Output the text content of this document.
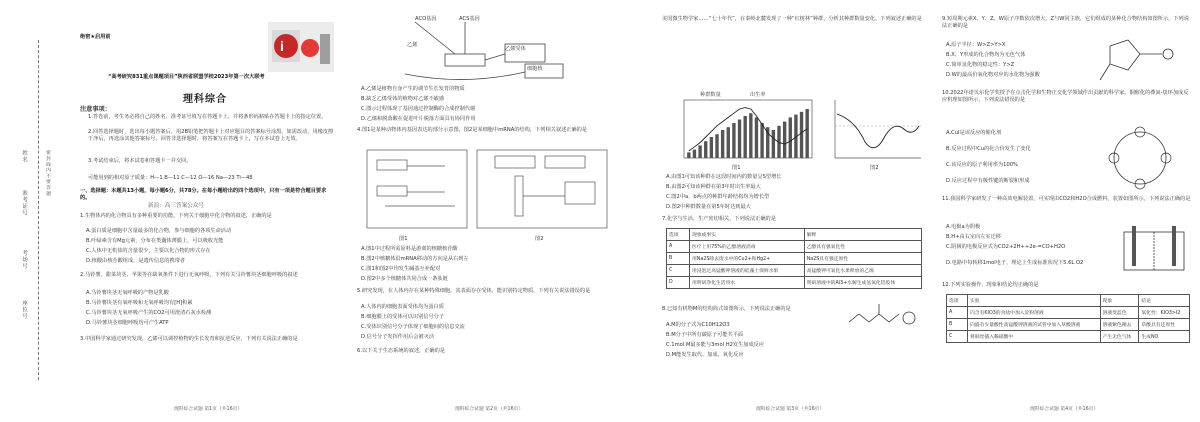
姓名
准考证号
考场号
座位号
密封线内不要答题
绝密★启用前
“高考研究831重点课题项目”陕西省联盟学校2023年第一次大联考
理科综合
注意事项：
1.答卷前，考生务必将自己的姓名、准考证号填写在答题卡上，并将条形码粘贴在答题卡上的指定位置。
2.回答选择题时，选出每小题答案后，用2B铅笔把答题卡上对应题目的答案标号涂黑。如需改动，用橡皮擦干净后，再选涂其他答案标号。回答非选择题时，将答案写在答题卡上，写在本试卷上无效。
3.考试结束后，将本试卷和答题卡一并交回。
可能用到的相对原子质量：H—1 B—11 C—12 O—16 Na—23 Ti—48
一、选择题：本题共13小题，每小题6分，共78分。在每小题给出的四个选项中，只有一项是符合题目要求的。
新浪：高三答案公众号
1.生物体内的化合物具有多种重要的功能，下列关于细胞中化合物的叙述，正确的是
A.蛋白质是细胞中含量最多的化合物，参与细胞的各项生命活动
B.叶绿素含有Mg元素，分布在类囊体薄膜上，可以吸收光能
C.人体中无机盐的含量很少，主要以化合物的形式存在
D.核酸由核苷酸组成，是遗传信息的携带者
2.马铃薯、甜菜块茎、苹果等在缺氧条件下进行无氧呼吸，下列有关马铃薯块茎细胞呼吸的叙述
A.马铃薯块茎无氧呼吸的产物是乳酸
B.马铃薯块茎有氧呼吸和无氧呼吸均有[H]积累
C.马铃薯块茎无氧呼吸产生的CO2可用澄清石灰水检测
D.马铃薯块茎细胞呼吸均可产生ATP
3.中国科学家通过研究发现，乙烯可以调控植物的生长发育和抗逆反应，下列有关说法正确的是
理科综合试题 第1页（共16页）
i
ACO基因	ACS基因
乙烯
乙烯受体
细胞核
A.乙烯是植物自身产生的调节生长发育的物质
B.缺乏乙烯受体的植物对乙烯不敏感
C.图示过程体现了基因通过控制酶的合成控制代谢
D.乙烯和脱落酸在促进叶片脱落方面具有协同作用
4.图1是某种动物体内基因表达的部分示意图，图2是某细胞中mRNA的结构，下列相关叙述正确的是
图1	图2
A.图1中过程所需原料是游离的核糖核苷酸
B.图2中核糖体沿mRNA移动的方向是从右到左
C.图1和图2中均发生碱基互补配对
D.图2中多个核糖体共同合成一条肽链
5.研究发现，在人体内存在某种特殊细胞，其表面存在受体，能识别特定物质，下列有关说法错误的是
A.人体内的细胞表面受体均为蛋白质
B.细胞膜上的受体可以识别信号分子
C.受体识别信号分子体现了细胞间的信息交流
D.信号分子发挥作用后会被灭活
6.以下关于生态系统的叙述，正确的是
理科综合试题 第2页（共16页）
美国微生物学家……“七十年代”，在秦岭北麓发现了一种“红树林”种群，分析其种群数量变化，下列叙述正确的是
种群数量	出生率
图1	图2
A.由图1可知该种群在这段时间内的数量呈S型增长
B.由图2可知该种群在第3年时出生率最大
C.图2中a、b两点的种群年龄结构均为增长型
D.图2中种群数量在第5年时达到最大
7.化学与生活、生产密切相关，下列说法正确的是
选项	现象或事实	解释
A	医疗上用75%的乙醇溶液消毒	乙醇具有强氧化性
B	用Na2S除去废水中的Cu2+和Hg2+	Na2S具有强还原性
C	用浸泡过高锰酸钾溶液的硅藻土保鲜水果	高锰酸钾可氧化水果释放的乙烯
D	用明矾净化生活用水	明矾溶液中的Al3+水解生成氢氧化铝胶体
8.已知有机物M的结构简式如图所示，下列说法正确的是
A.M的分子式为C10H12O3
B.M分子中所有碳原子可能共平面
C.1mol M最多能与3mol H2发生加成反应
D.M能发生取代、加成、氧化反应
理科综合试题 第3页（共16页）
9.短周期元素X、Y、Z、W原子序数依次增大，Z与W同主族，它们组成的某种化合物结构如图所示，下列说法正确的是
A.原子半径：W>Z>Y>X
B.X、Y形成的化合物均为无色气体
C.简单氢化物的稳定性：Y>Z
D.W的最高价氧化物对应的水化物为强酸
10.2022年诺贝尔化学奖授予在点击化学和生物正交化学领域作出贡献的科学家，铜催化的叠氮-炔环加成反应机理如图所示，下列说法错误的是
A.CuI是该反应的催化剂
B.反应过程中Cu的化合价发生了变化
C.该反应的原子利用率为100%
D.反应过程中有极性键的断裂和形成
11.我国科学家研发了一种高效电解装置，可实现由CO2和H2O合成燃料，装置如图所示，下列说法正确的是
A.电极a为阴极
B.H+由右室向左室迁移
C.阴极的电极反应式为CO2+2H++2e-=CO+H2O
D.电路中每转移1mol电子，理论上生成标准状况下5.6L O2
12.下列实验操作、现象和结论均正确的是
选项	实验	现象	结论
A	向含有KIO3的食盐中加入淀粉溶液	溶液变蓝色	氧化性：KIO3>I2
B	向盛有少量酸性高锰酸钾溶液的试管中加入草酸溶液	溶液紫色褪去	草酸具有还原性
C	将铜丝插入稀硝酸中	产生无色气体	生成NO
理科综合试题 第4页（共16页）
